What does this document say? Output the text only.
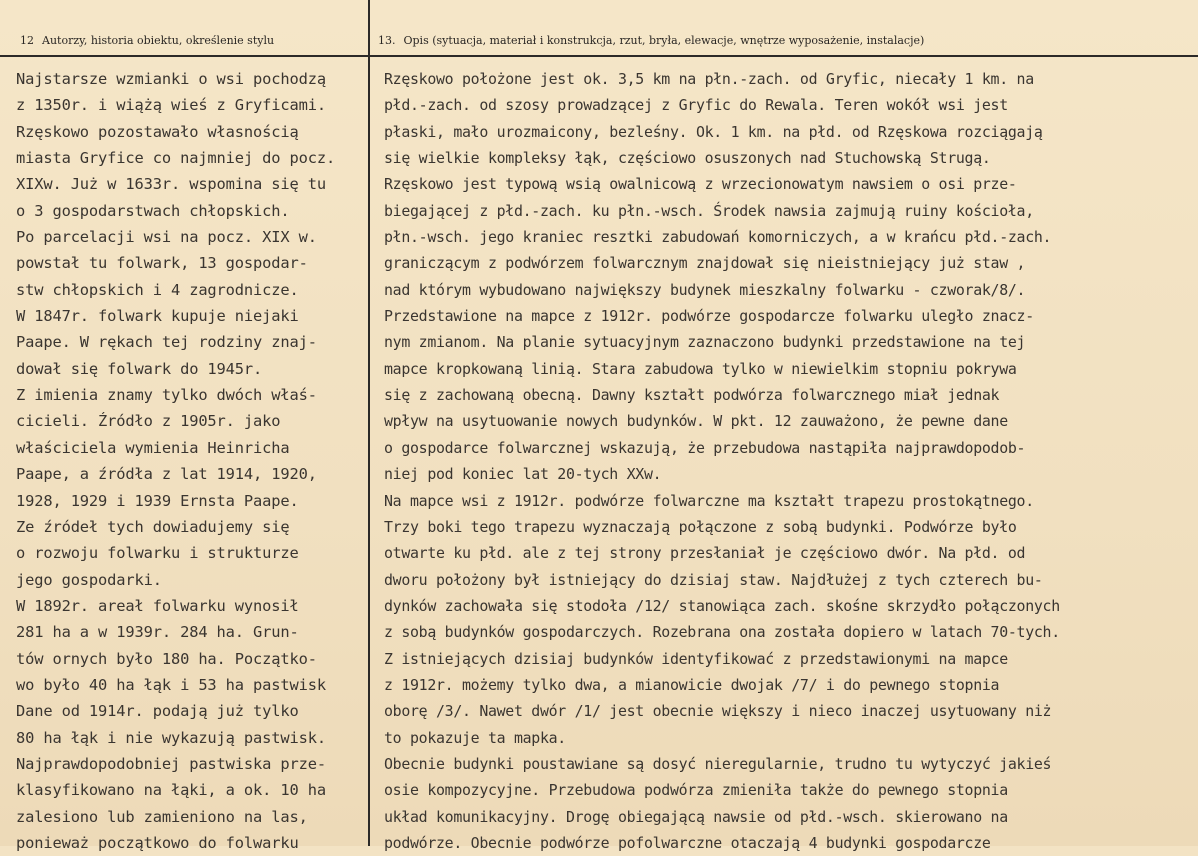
12 Autorzy, historia obiektu, określenie stylu	13. Opis (sytuacja, materiał i konstrukcja, rzut, bryła, elewacje, wnętrze wyposażenie, instalacje)
Najstarsze wzmianki o wsi pochodzą
z 1350r. i wiążą wieś z Gryficami.
Rzęskowo pozostawało własnością
miasta Gryfice co najmniej do pocz.
XIXw. Już w 1633r. wspomina się tu
o 3 gospodarstwach chłopskich.
Po parcelacji wsi na pocz. XIX w.
powstał tu folwark, 13 gospodar-
stw chłopskich i 4 zagrodnicze.
W 1847r. folwark kupuje niejaki
Paape. W rękach tej rodziny znaj-
dował się folwark do 1945r.
Z imienia znamy tylko dwóch właś-
cicieli. Źródło z 1905r. jako
właściciela wymienia Heinricha
Paape, a źródła z lat 1914, 1920,
1928, 1929 i 1939 Ernsta Paape.
Ze źródeł tych dowiadujemy się
o rozwoju folwarku i strukturze
jego gospodarki.
W 1892r. areał folwarku wynosił
281 ha a w 1939r. 284 ha. Grun-
tów ornych było 180 ha. Początko-
wo było 40 ha łąk i 53 ha pastwisk
Dane od 1914r. podają już tylko
80 ha łąk i nie wykazują pastwisk.
Najprawdopodobniej pastwiska prze-
klasyfikowano na łąki, a ok. 10 ha
zalesiono lub zamieniono na las,
ponieważ początkowo do folwarku
Rzęskowo położone jest ok. 3,5 km na płn.-zach. od Gryfic, niecały 1 km. na
płd.-zach. od szosy prowadzącej z Gryfic do Rewala. Teren wokół wsi jest
płaski, mało urozmaicony, bezleśny. Ok. 1 km. na płd. od Rzęskowa rozciągają
się wielkie kompleksy łąk, częściowo osuszonych nad Stuchowską Strugą.
Rzęskowo jest typową wsią owalnicową z wrzecionowatym nawsiem o osi prze-
biegającej z płd.-zach. ku płn.-wsch. Środek nawsia zajmują ruiny kościoła,
płn.-wsch. jego kraniec resztki zabudowań komorniczych, a w krańcu płd.-zach.
graniczącym z podwórzem folwarcznym znajdował się nieistniejący już staw ,
nad którym wybudowano największy budynek mieszkalny folwarku - czworak/8/.
Przedstawione na mapce z 1912r. podwórze gospodarcze folwarku uległo znacz-
nym zmianom. Na planie sytuacyjnym zaznaczono budynki przedstawione na tej
mapce kropkowaną linią. Stara zabudowa tylko w niewielkim stopniu pokrywa
się z zachowaną obecną. Dawny kształt podwórza folwarcznego miał jednak
wpływ na usytuowanie nowych budynków. W pkt. 12 zauważono, że pewne dane
o gospodarce folwarcznej wskazują, że przebudowa nastąpiła najprawdopodob-
niej pod koniec lat 20-tych XXw.
Na mapce wsi z 1912r. podwórze folwarczne ma kształt trapezu prostokątnego.
Trzy boki tego trapezu wyznaczają połączone z sobą budynki. Podwórze było
otwarte ku płd. ale z tej strony przesłaniał je częściowo dwór. Na płd. od
dworu położony był istniejący do dzisiaj staw. Najdłużej z tych czterech bu-
dynków zachowała się stodoła /12/ stanowiąca zach. skośne skrzydło połączonych
z sobą budynków gospodarczych. Rozebrana ona została dopiero w latach 70-tych.
Z istniejących dzisiaj budynków identyfikować z przedstawionymi na mapce
z 1912r. możemy tylko dwa, a mianowicie dwojak /7/ i do pewnego stopnia
oborę /3/. Nawet dwór /1/ jest obecnie większy i nieco inaczej usytuowany niż
to pokazuje ta mapka.
Obecnie budynki poustawiane są dosyć nieregularnie, trudno tu wytyczyć jakieś
osie kompozycyjne. Przebudowa podwórza zmieniła także do pewnego stopnia
układ komunikacyjny. Drogę obiegającą nawsie od płd.-wsch. skierowano na
podwórze. Obecnie podwórze pofolwarczne otaczają 4 budynki gospodarcze
